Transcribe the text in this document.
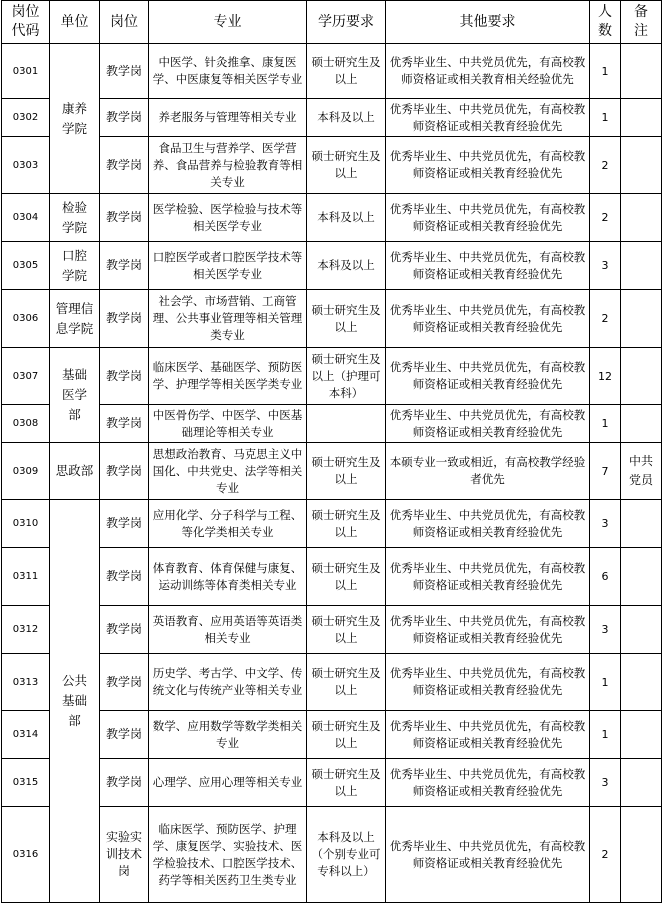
岗位代码	单位	岗位	专业	学历要求	其他要求	人数	备注
0301	康养学院	教学岗	中医学、针灸推拿、康复医学、中医康复等相关医学专业	硕士研究生及以上	优秀毕业生、中共党员优先，有高校教师资格证或相关教育相关经验优先	1	
0302		教学岗	养老服务与管理等相关专业	本科及以上	优秀毕业生、中共党员优先，有高校教师资格证或相关教育经验优先	1	
0303		教学岗	食品卫生与营养学、医学营养、食品营养与检验教育等相关专业	硕士研究生及以上	优秀毕业生、中共党员优先，有高校教师资格证或相关教育经验优先	2	
0304	检验学院	教学岗	医学检验、医学检验与技术等相关医学专业	本科及以上	优秀毕业生、中共党员优先，有高校教师资格证或相关教育经验优先	2	
0305	口腔学院	教学岗	口腔医学或者口腔医学技术等相关医学专业	本科及以上	优秀毕业生、中共党员优先，有高校教师资格证或相关教育经验优先	3	
0306	管理信息学院	教学岗	社会学、市场营销、工商管理、公共事业管理等相关管理类专业	硕士研究生及以上	优秀毕业生、中共党员优先，有高校教师资格证或相关教育经验优先	2	
0307	基础医学部	教学岗	临床医学、基础医学、预防医学、护理学等相关医学类专业	硕士研究生及以上（护理可本科）	优秀毕业生、中共党员优先，有高校教师资格证或相关教育经验优先	12	
0308		教学岗	中医骨伤学、中医学、中医基础理论等相关专业		优秀毕业生、中共党员优先，有高校教师资格证或相关教育经验优先	1	
0309	思政部	教学岗	思想政治教育、马克思主义中国化、中共党史、法学等相关专业	硕士研究生及以上	本硕专业一致或相近，有高校教学经验者优先	7	中共党员
0310	公共基础部	教学岗	应用化学、分子科学与工程、等化学类相关专业	硕士研究生及以上	优秀毕业生、中共党员优先，有高校教师资格证或相关教育经验优先	3	
0311		教学岗	体育教育、体育保健与康复、运动训练等体育类相关专业	硕士研究生及以上	优秀毕业生、中共党员优先，有高校教师资格证或相关教育经验优先	6	
0312		教学岗	英语教育、应用英语等英语类相关专业	硕士研究生及以上	优秀毕业生、中共党员优先，有高校教师资格证或相关教育经验优先	3	
0313		教学岗	历史学、考古学、中文学、传统文化与传统产业等相关专业	硕士研究生及以上	优秀毕业生、中共党员优先，有高校教师资格证或相关教育经验优先	1	
0314		教学岗	数学、应用数学等数学类相关专业	硕士研究生及以上	优秀毕业生、中共党员优先，有高校教师资格证或相关教育经验优先	1	
0315		教学岗	心理学、应用心理等相关专业	硕士研究生及以上	优秀毕业生、中共党员优先，有高校教师资格证或相关教育经验优先	3	
0316		实验实训技术岗	临床医学、预防医学、护理学、康复医学、实验技术、医学检验技术、口腔医学技术、药学等相关医药卫生类专业	本科及以上（个别专业可专科以上）	优秀毕业生、中共党员优先，有高校教师资格证或相关教育经验优先	2	
